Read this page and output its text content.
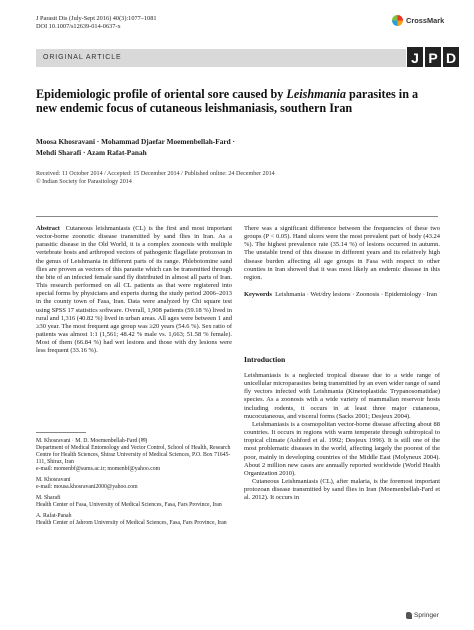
J Parasit Dis (July-Sept 2016) 40(3):1077–1081
DOI 10.1007/s12639-014-0637-x
CrossMark
ORIGINAL ARTICLE	J P D
Epidemiologic profile of oriental sore caused by Leishmania parasites in a new endemic focus of cutaneous leishmaniasis, southern Iran
Moosa Khosravani · Mohammad Djaefar Moemenbellah-Fard ·
Mehdi Sharafi · Azam Rafat-Panah
Received: 11 October 2014 / Accepted: 15 December 2014 / Published online: 24 December 2014
© Indian Society for Parasitology 2014

Abstract Cutaneous leishmaniasis (CL) is the first and most important vector-borne zoonotic disease transmitted by sand flies in Iran. As a parasitic disease in the Old World, it is a complex zoonosis with multiple vertebrate hosts and arthropod vectors of pathogenic flagellate protozoan in the genus of Leishmania in different parts of its range. Phlebotomine sand flies are proven as vectors of this parasite which can be transmitted through the bite of an infected female sand fly distributed in almost all parts of Iran. This research performed on all CL patients as that were registered into special forms by physicians and experts during the study period 2006–2013 in the county town of Fasa, Iran. Data were analyzed by Chi square test using SPSS 17 statistics software. Overall, 1,908 patients (59.18 %) lived in rural and 1,316 (40.82 %) lived in urban areas. All ages were between 1 and ≥30 year. The most frequent age group was ≥20 years (54.6 %). Sex ratio of patients was almost 1:1 (1,561; 48.42 % male vs. 1,663; 51.58 % female). Most of them (66.84 %) had wet lesions and those with dry lesions were less frequent (33.16 %).

M. Khosravani · M. D. Moemenbellah-Fard (✉)
Department of Medical Entomology and Vector Control, School of Health, Research Centre for Health Sciences, Shiraz University of Medical Sciences, P.O. Box 71645-111, Shiraz, Iran
e-mail: momenbf@sums.ac.ir; momenbf@yahoo.com
M. Khosravani
e-mail: mousa.khosravani2000@yahoo.com
M. Sharafi
Health Center of Fasa, University of Medical Sciences, Fasa, Fars Province, Iran
A. Rafat-Panah
Health Center of Jahrom University of Medical Sciences, Fasa, Fars Province, Iran

There was a significant difference between the frequencies of these two groups (P < 0.05). Hand ulcers were the most prevalent part of body (43.24 %). The highest prevalence rate (35.14 %) of lesions occurred in autumn. The unstable trend of this disease in different years and its relatively high disease burden affecting all age groups in Fasa with respect to other counties in Iran showed that it was most likely an endemic disease in this region.

Keywords Leishmania · Wet/dry lesions · Zoonosis · Epidemiology · Iran

Introduction

Leishmaniasis is a neglected tropical disease due to a wide range of unicellular microparasites being transmitted by an even wider range of sand fly vectors infected with Leishmania (Kinetoplastida: Trypanosomatidae) species. As a zoonosis with a wide variety of mammalian reservoir hosts including rodents, it occurs in at least three major cutaneous, mucocutaneous, and visceral forms (Sacks 2001; Desjeux 2004).

Leishmaniasis is a cosmopolitan vector-borne disease affecting about 88 countries. It occurs in regions with warm temperate through subtropical to tropical climate (Ashford et al. 1992; Desjeux 1996). It is still one of the most problematic diseases in the world, affecting largely the poorest of the poor, mainly in developing countries of the Middle East (Molyneux 2004). About 2 million new cases are annually reported worldwide (World Health Organization 2010).

Cutaneous Leishmaniasis (CL), after malaria, is the foremost important protozoan disease transmitted by sand flies in Iran (Moemenbellah-Fard et al. 2012). It occurs in

Springer
